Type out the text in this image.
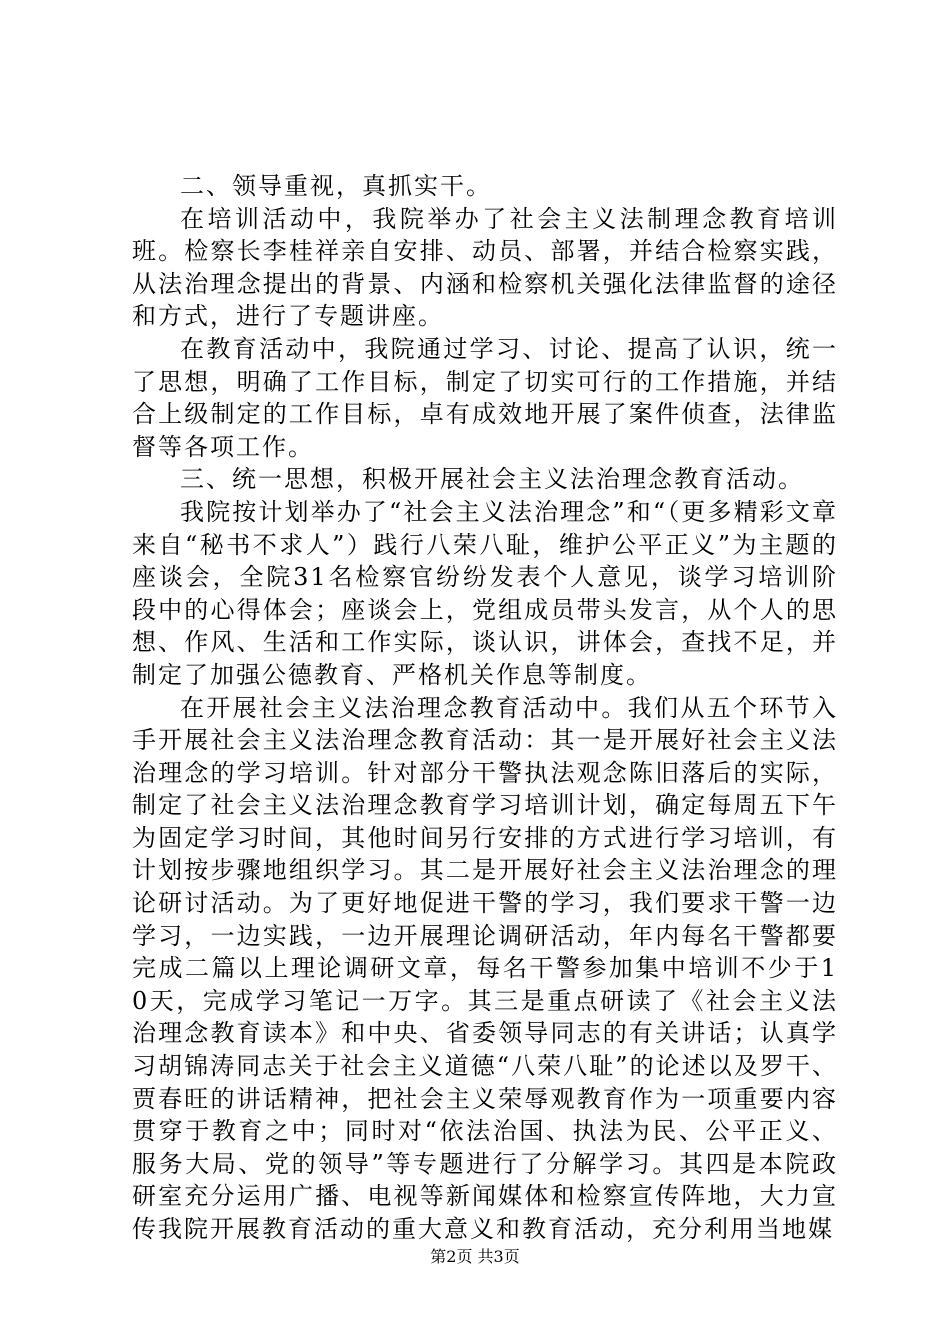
二、领导重视，真抓实干。

在培训活动中，我院举办了社会主义法制理念教育培训班。检察长李桂祥亲自安排、动员、部署，并结合检察实践，从法治理念提出的背景、内涵和检察机关强化法律监督的途径和方式，进行了专题讲座。

在教育活动中，我院通过学习、讨论、提高了认识，统一了思想，明确了工作目标，制定了切实可行的工作措施，并结合上级制定的工作目标，卓有成效地开展了案件侦查，法律监督等各项工作。

三、统一思想，积极开展社会主义法治理念教育活动。

我院按计划举办了“社会主义法治理念”和“（更多精彩文章来自“秘书不求人”）践行八荣八耻，维护公平正义”为主题的座谈会，全院31名检察官纷纷发表个人意见，谈学习培训阶段中的心得体会；座谈会上，党组成员带头发言，从个人的思想、作风、生活和工作实际，谈认识，讲体会，查找不足，并制定了加强公德教育、严格机关作息等制度。

在开展社会主义法治理念教育活动中。我们从五个环节入手开展社会主义法治理念教育活动：其一是开展好社会主义法治理念的学习培训。针对部分干警执法观念陈旧落后的实际，制定了社会主义法治理念教育学习培训计划，确定每周五下午为固定学习时间，其他时间另行安排的方式进行学习培训，有计划按步骤地组织学习。其二是开展好社会主义法治理念的理论研讨活动。为了更好地促进干警的学习，我们要求干警一边学习，一边实践，一边开展理论调研活动，年内每名干警都要完成二篇以上理论调研文章，每名干警参加集中培训不少于10天，完成学习笔记一万字。其三是重点研读了《社会主义法治理念教育读本》和中央、省委领导同志的有关讲话；认真学习胡锦涛同志关于社会主义道德“八荣八耻”的论述以及罗干、贾春旺的讲话精神，把社会主义荣辱观教育作为一项重要内容贯穿于教育之中；同时对“依法治国、执法为民、公平正义、服务大局、党的领导”等专题进行了分解学习。其四是本院政研室充分运用广播、电视等新闻媒体和检察宣传阵地，大力宣传我院开展教育活动的重大意义和教育活动，充分利用当地媒

第2页 共3页
